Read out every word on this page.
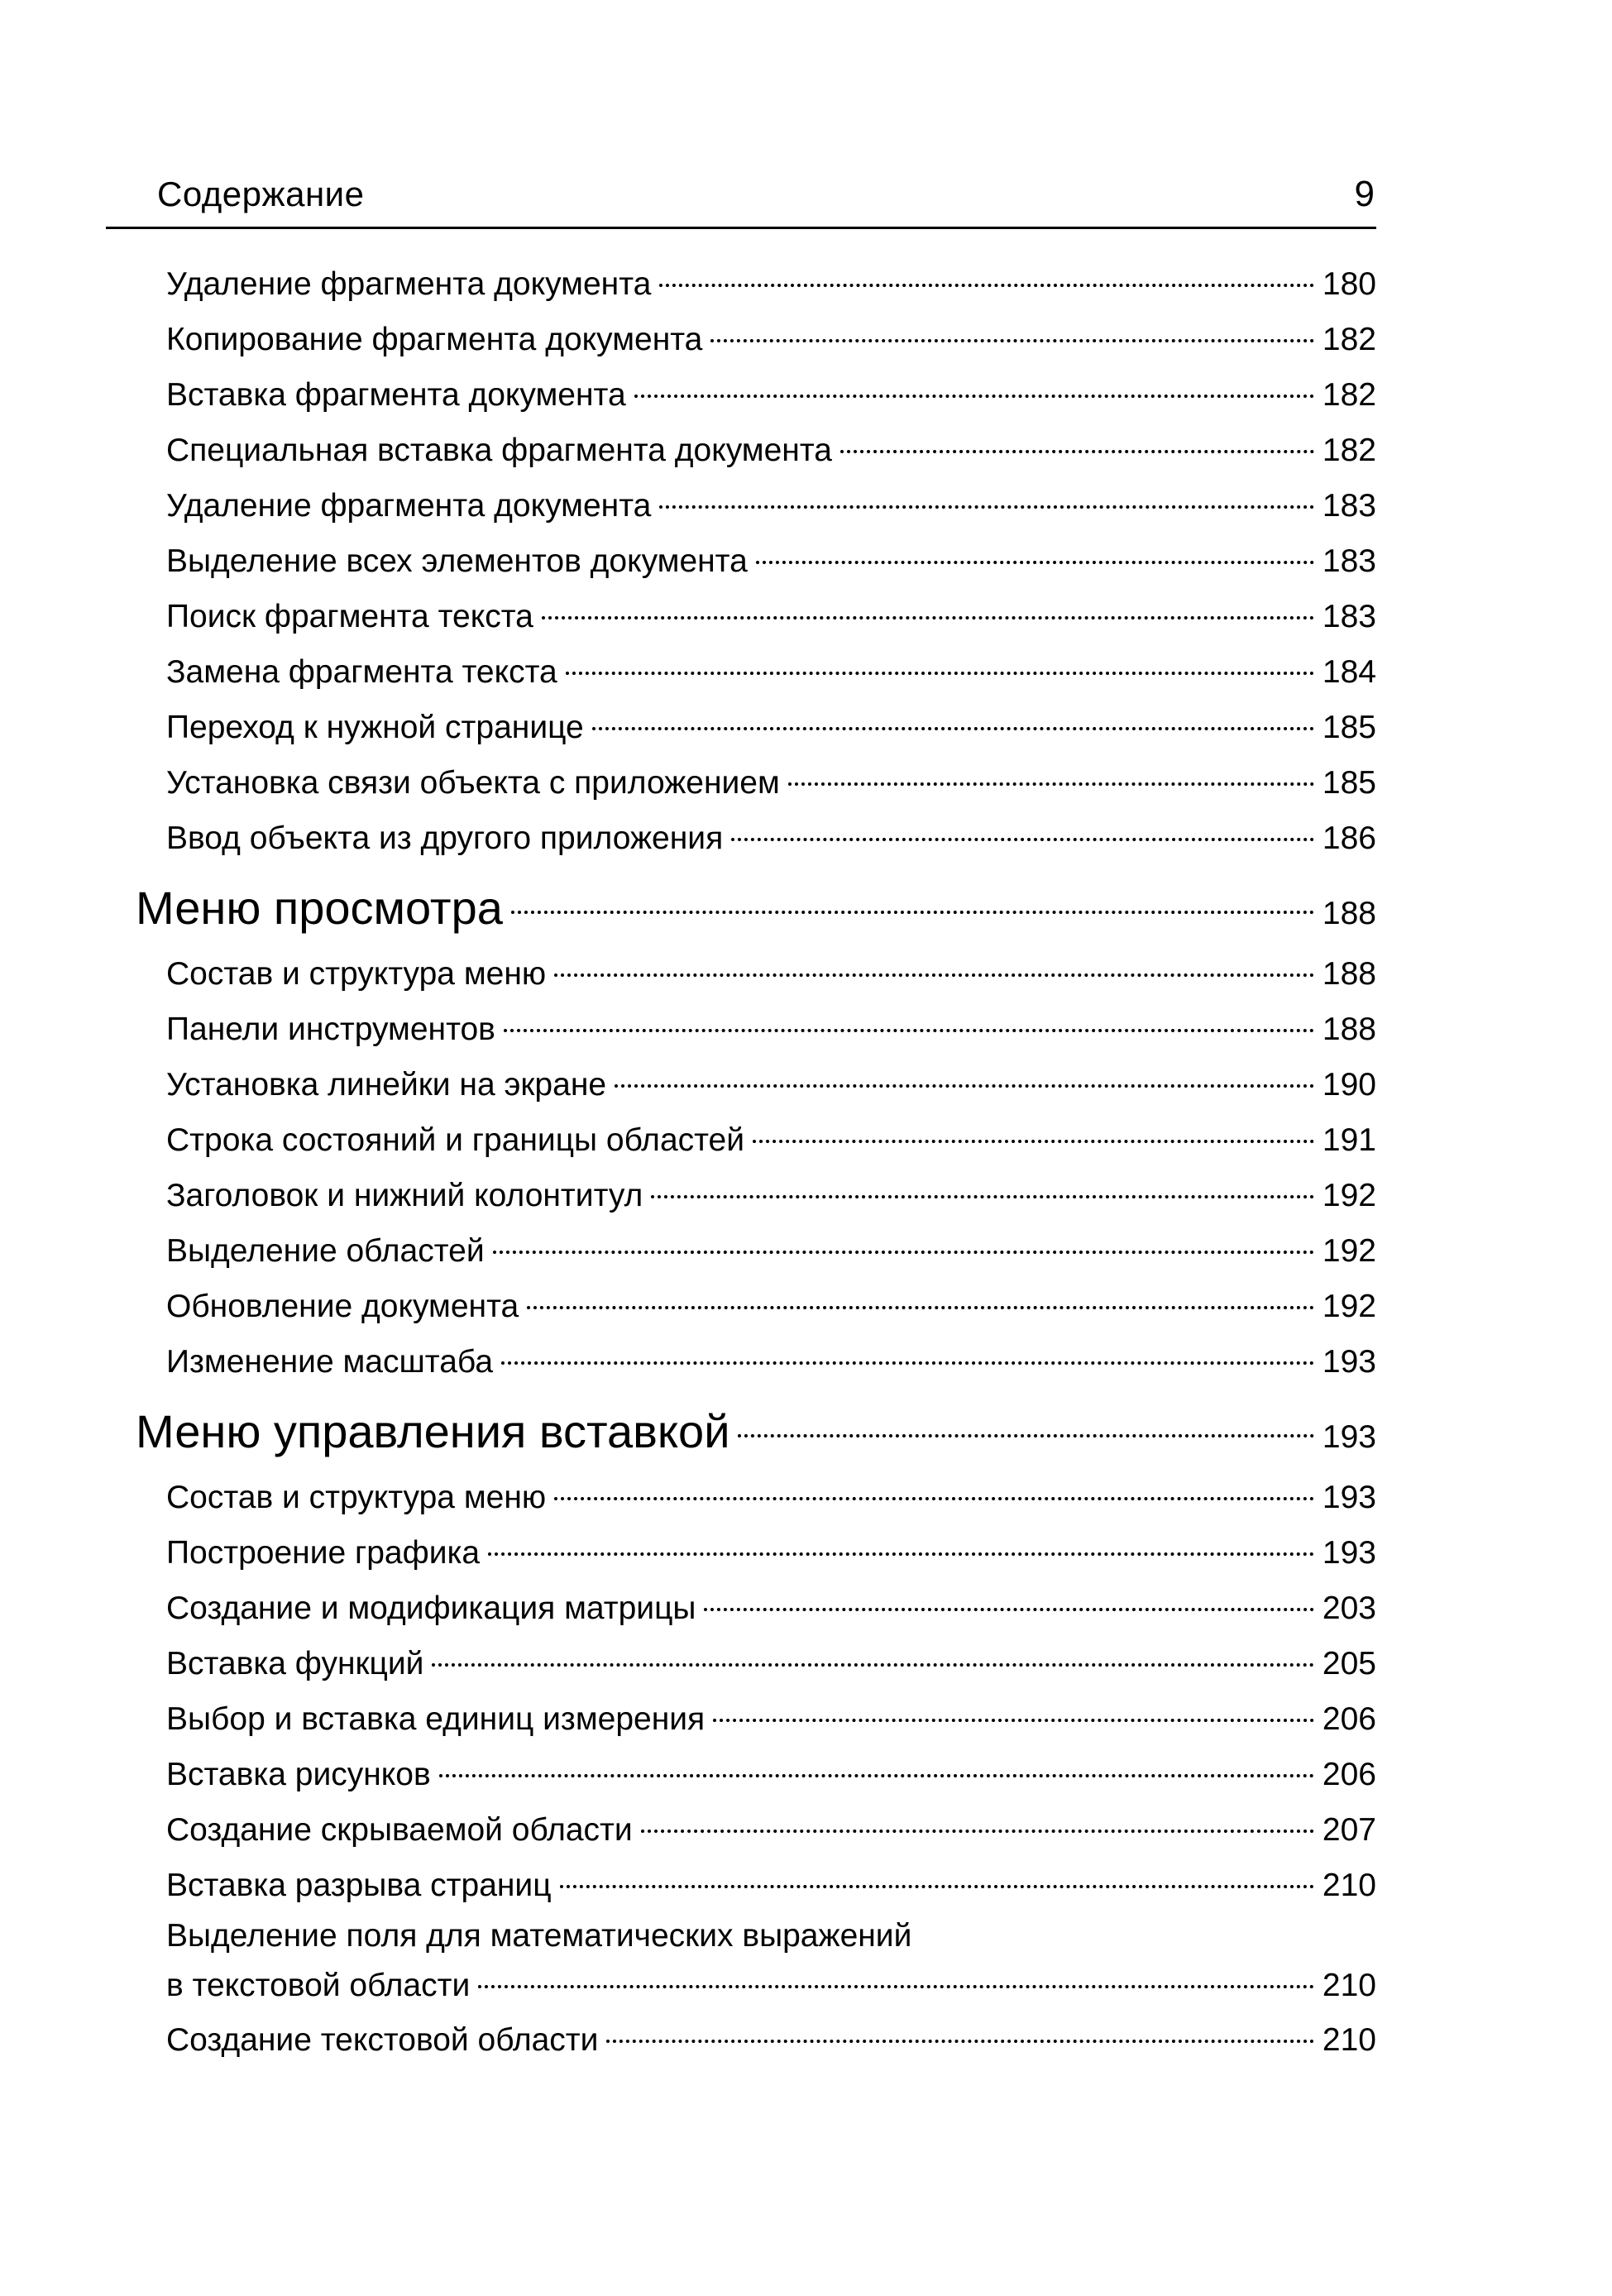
Содержание	9
Удаление фрагмента документа	180
Копирование фрагмента документа	182
Вставка фрагмента документа	182
Специальная вставка фрагмента документа	182
Удаление фрагмента документа	183
Выделение всех элементов документа	183
Поиск фрагмента текста	183
Замена фрагмента текста	184
Переход к нужной странице	185
Установка связи объекта с приложением	185
Ввод объекта из другого приложения	186
Меню просмотра	188
Состав и структура меню	188
Панели инструментов	188
Установка линейки на экране	190
Строка состояний и границы областей	191
Заголовок и нижний колонтитул	192
Выделение областей	192
Обновление документа	192
Изменение масштаба	193
Меню управления вставкой	193
Состав и структура меню	193
Построение графика	193
Создание и модификация матрицы	203
Вставка функций	205
Выбор и вставка единиц измерения	206
Вставка рисунков	206
Создание скрываемой области	207
Вставка разрыва страниц	210
Выделение поля для математических выражений
в текстовой области	210
Создание текстовой области	210
